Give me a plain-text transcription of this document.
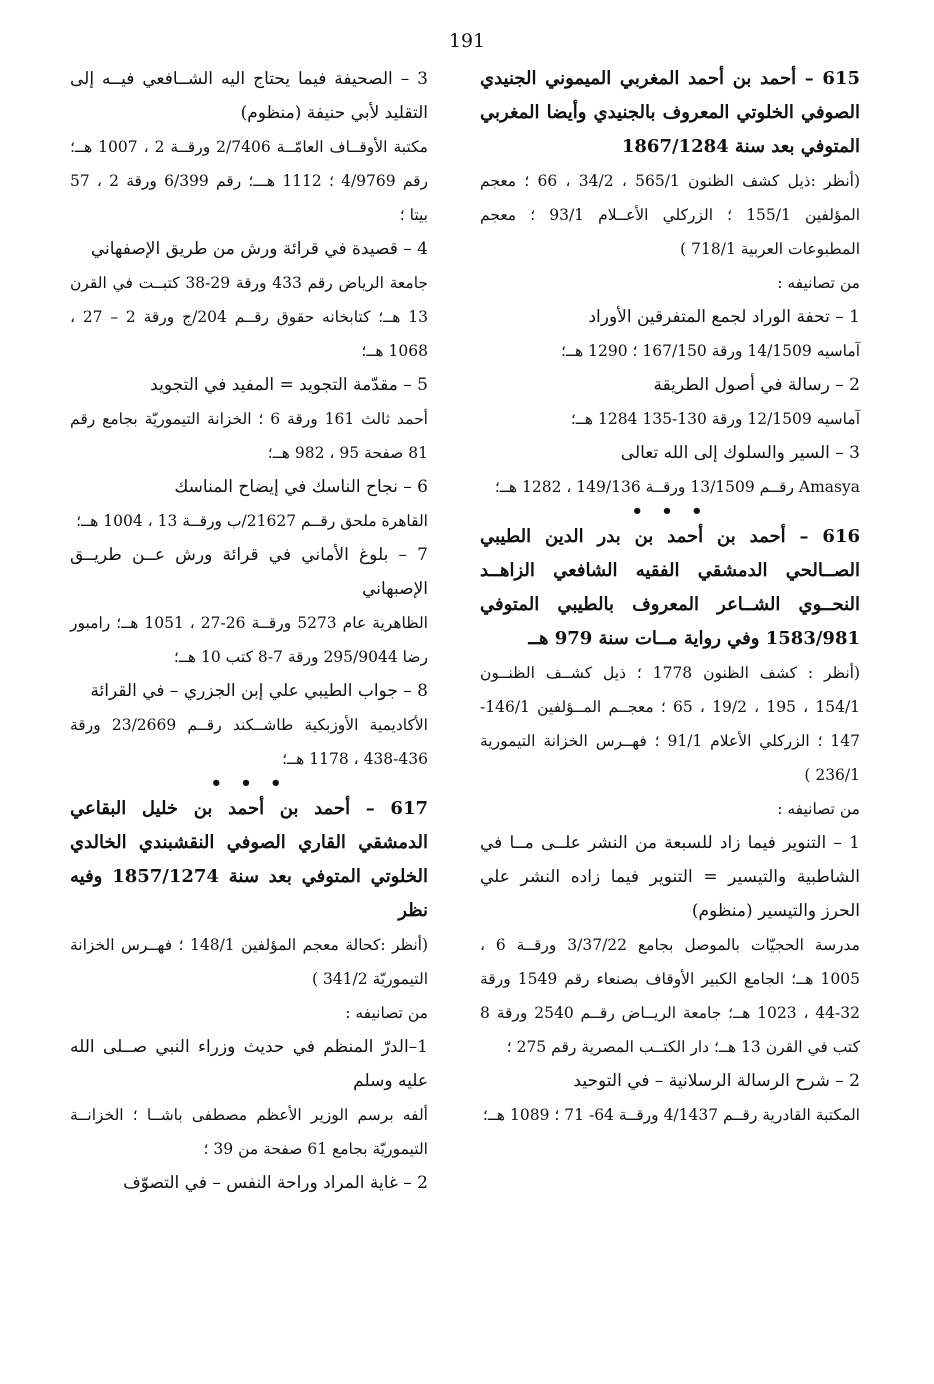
191

615 – أحمد بن أحمد المغربي الميموني الجنيدي الصوفي الخلوتي المعروف بالجنيدي وأيضا المغربي المتوفي بعد سنة 1867/1284

(أنظر :ذيل كشف الظنون 565/1 ، 34/2 ، 66 ؛ معجم المؤلفين 155/1 ؛ الزركلي الأعــلام 93/1 ؛ معجم المطبوعات العربية 718/1 )

من تصانيفه :

1 – تحفة الوراد لجمع المتفرقين الأوراد

آماسيه 14/1509 ورقة 167/150 ؛ 1290 هــ؛

2 – رسالة في أصول الطريقة

آماسيه 12/1509 ورقة 130-135 1284 هــ؛

3 – السير والسلوك إلى الله تعالى

Amasya رقــم 13/1509 ورقــة 149/136 ، 1282 هــ؛

• • •

616 – أحمد بن أحمد بن بدر الدين الطيبي الصــالحي الدمشقي الفقيه الشافعي الزاهــد النحــوي الشــاعر المعروف بالطيبي المتوفي 1583/981 وفي رواية مــات سنة 979 هــ

(أنظر : كشف الظنون 1778 ؛ ذيل كشــف الظنــون 154/1 ، 195 ، 19/2 ، 65 ؛ معجــم المــؤلفين 146/1-147 ؛ الزركلي الأعلام 91/1 ؛ فهــرس الخزانة التيمورية 236/1 )

من تصانيفه :

1 – التنوير فيما زاد للسبعة من النشر علــى مــا في الشاطبية والتيسير = التنوير فيما زاده النشر علي الحرز والتيسير (منظوم)

مدرسة الحجيّات بالموصل بجامع 3/37/22 ورقــة 6 ، 1005 هــ؛ الجامع الكبير الأوقاف بصنعاء رقم 1549 ورقة 32-44 ، 1023 هــ؛ جامعة الريــاض رقــم 2540 ورقة 8 كتب في القرن 13 هــ؛ دار الكتــب المصرية رقم 275 ؛

2 – شرح الرسالة الرسلانية – في التوحيد

المكتبة القادرية رقــم 4/1437 ورقــة 64- 71 ؛ 1089 هــ؛

3 – الصحيفة فيما يحتاج اليه الشــافعي فيــه إلى التقليد لأبي حنيفة (منظوم)

مكتبة الأوقــاف العامّــة 2/7406 ورقــة 2 ، 1007 هــ؛ رقم 4/9769 ؛ 1112 هـــ؛ رقم 6/399 ورقة 2 ، 57 بيتا ؛

4 – قصيدة في قرائة ورش من طريق الإصفهاني

جامعة الرياض رقم 433 ورقة 29-38 كتبــت في القرن 13 هــ؛ كتابخانه حقوق رقــم 204/ج ورقة 2 – 27 ، 1068 هــ؛

5 – مقدّمة التجويد = المفيد في التجويد

أحمد ثالث 161 ورقة 6 ؛ الخزانة التيموريّة بجامع رقم 81 صفحة 95 ، 982 هــ؛

6 – نجاح الناسك في إيضاح المناسك

القاهرة ملحق رقــم 21627/ب ورقــة 13 ، 1004 هــ؛

7 – بلوغ الأماني في قرائة ورش عــن طريــق الإصبهاني

الظاهرية عام 5273 ورقــة 26-27 ، 1051 هــ؛ رامبور رضا 295/9044 ورقة 7-8 كتب 10 هــ؛

8 – جواب الطيبي علي إبن الجزري – في القرائة

الأكاديمية الأوزبكية طاشــكند رقــم 23/2669 ورقة 436-438 ، 1178 هــ؛

• • •

617 – أحمد بن أحمد بن خليل البقاعي الدمشقي القاري الصوفي النقشبندي الخالدي الخلوتي المتوفي بعد سنة 1857/1274 وفيه نظر

(أنظر :كحالة معجم المؤلفين 148/1 ؛ فهــرس الخزانة التيموريّة 341/2 )

من تصانيفه :

1–الدرّ المنظم في حديث وزراء النبي صــلى الله عليه وسلم

ألفه برسم الوزير الأعظم مصطفى باشــا ؛ الخزانــة التيموريّة بجامع 61 صفحة من 39 ؛

2 – غاية المراد وراحة النفس – في التصوّف
